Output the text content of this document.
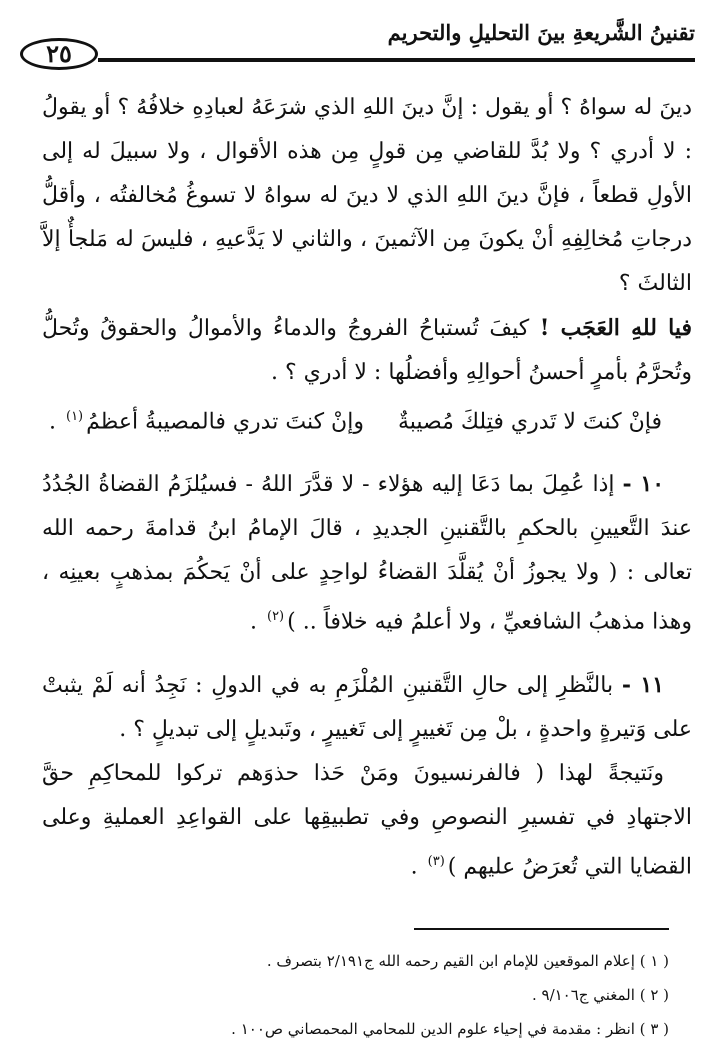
تقنينُ الشَّريعةِ بينَ التحليلِ والتحريم
٢٥

دينَ له سواهُ ؟ أو يقول : إنَّ دينَ اللهِ الذي شرَعَهُ لعبادِهِ خلافُهُ ؟ أو يقولُ : لا أدري ؟ ولا بُدَّ للقاضي مِن قولٍ مِن هذه الأقوال ، ولا سبيلَ له إلى الأولِ قطعاً ، فإنَّ دينَ اللهِ الذي لا دينَ له سواهُ لا تسوغُ مُخالفتُه ، وأقلُّ درجاتِ مُخالِفِهِ أنْ يكونَ مِن الآثمينَ ، والثاني لا يَدَّعيهِ ، فليسَ له مَلجأٌ إلاَّ الثالثَ ؟

فيا للهِ العَجَب ! كيفَ تُستباحُ الفروجُ والدماءُ والأموالُ والحقوقُ وتُحلُّ وتُحرَّمُ بأمرٍ أحسنُ أحوالِهِ وأفضلُها : لا أدري ؟ .

فإنْ كنتَ لا تَدري فتِلكَ مُصيبةٌوإنْ كنتَ تدري فالمصيبةُ أعظمُ$^{(١)}$ .

١٠ - إذا عُمِلَ بما دَعَا إليه هؤلاء - لا قدَّرَ اللهُ - فسيُلزَمُ القضاةُ الجُدُدُ عندَ التَّعيينِ بالحكمِ بالتَّقنينِ الجديدِ ، قالَ الإمامُ ابنُ قدامةَ رحمه الله تعالى : ( ولا يجوزُ أنْ يُقلَّدَ القضاءُ لواحِدٍ على أنْ يَحكُمَ بمذهبٍ بعينِه ، وهذا مذهبُ الشافعيِّ ، ولا أعلمُ فيه خلافاً .. )$^{(٢)}$ .

١١ - بالنَّظرِ إلى حالِ التَّقنينِ المُلْزَمِ به في الدولِ : نَجِدُ أنه لَمْ يثبتْ على وَتيرةٍ واحدةٍ ، بلْ مِن تَغييرٍ إلى تَغييرٍ ، وتَبديلٍ إلى تبديلٍ ؟ .

ونَتيجةً لهذا ( فالفرنسيونَ ومَنْ حَذا حذوَهم تركوا للمحاكِمِ حقَّ الاجتهادِ في تفسيرِ النصوصِ وفي تطبيقِها على القواعِدِ العمليةِ وعلى القضايا التي تُعرَضُ عليهم )$^{(٣)}$ .

( ١ ) إعلام الموقعين للإمام ابن القيم رحمه الله ج٢/١٩١ بتصرف .

( ٢ ) المغني ج٩/١٠٦ .

( ٣ ) انظر : مقدمة في إحياء علوم الدين للمحامي المحمصاني ص١٠٠ .
